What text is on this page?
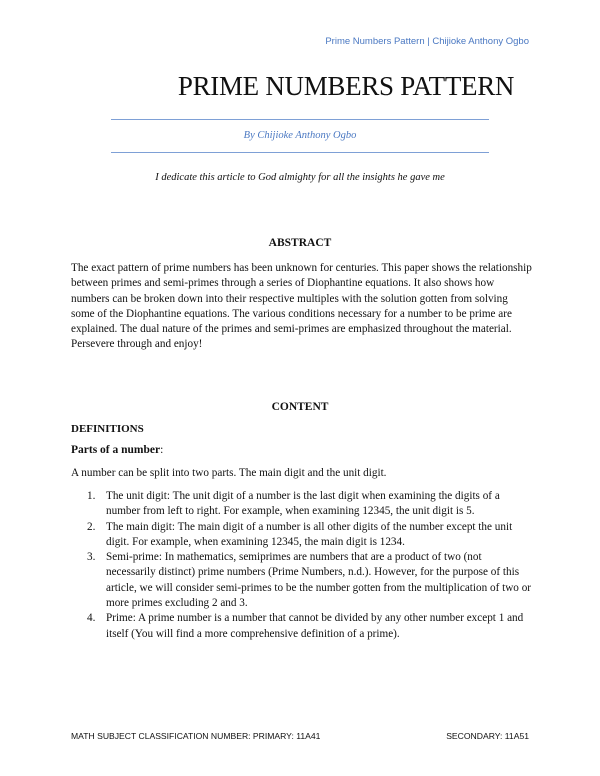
Prime Numbers Pattern | Chijioke Anthony Ogbo
PRIME NUMBERS PATTERN
By Chijioke Anthony Ogbo
I dedicate this article to God almighty for all the insights he gave me
ABSTRACT
The exact pattern of prime numbers has been unknown for centuries. This paper shows the relationship between primes and semi-primes through a series of Diophantine equations. It also shows how numbers can be broken down into their respective multiples with the solution gotten from solving some of the Diophantine equations. The various conditions necessary for a number to be prime are explained. The dual nature of the primes and semi-primes are emphasized throughout the material. Persevere through and enjoy!
CONTENT
DEFINITIONS
Parts of a number:
A number can be split into two parts. The main digit and the unit digit.
1. The unit digit: The unit digit of a number is the last digit when examining the digits of a number from left to right. For example, when examining 12345, the unit digit is 5.
2. The main digit: The main digit of a number is all other digits of the number except the unit digit. For example, when examining 12345, the main digit is 1234.
3. Semi-prime: In mathematics, semiprimes are numbers that are a product of two (not necessarily distinct) prime numbers (Prime Numbers, n.d.). However, for the purpose of this article, we will consider semi-primes to be the number gotten from the multiplication of two or more primes excluding 2 and 3.
4. Prime: A prime number is a number that cannot be divided by any other number except 1 and itself (You will find a more comprehensive definition of a prime).
MATH SUBJECT CLASSIFICATION NUMBER: PRIMARY: 11A41	SECONDARY: 11A51
